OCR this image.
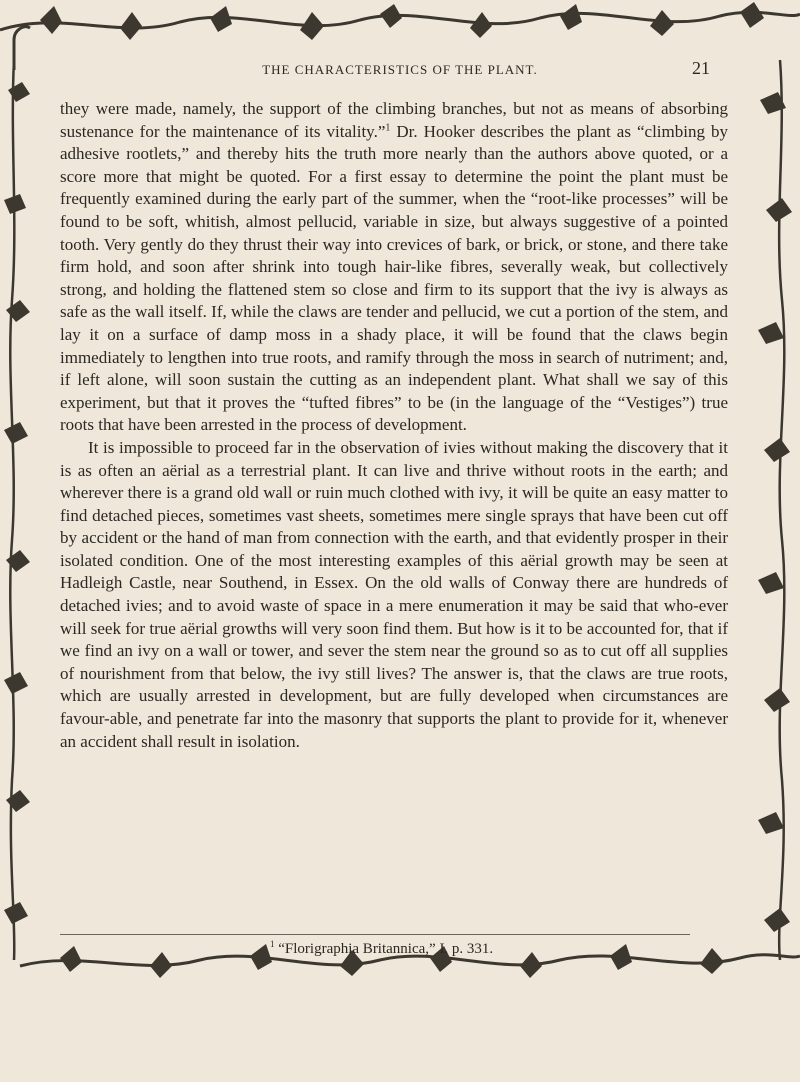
THE CHARACTERISTICS OF THE PLANT.	21

they were made, namely, the support of the climbing branches, but not as means of absorbing sustenance for the maintenance of its vitality.”$^1$ Dr. Hooker describes the plant as “climbing by adhesive rootlets,” and thereby hits the truth more nearly than the authors above quoted, or a score more that might be quoted. For a first essay to determine the point the plant must be frequently examined during the early part of the summer, when the “root-like processes” will be found to be soft, whitish, almost pellucid, variable in size, but always suggestive of a pointed tooth. Very gently do they thrust their way into crevices of bark, or brick, or stone, and there take firm hold, and soon after shrink into tough hair-like fibres, severally weak, but collectively strong, and holding the flattened stem so close and firm to its support that the ivy is always as safe as the wall itself. If, while the claws are tender and pellucid, we cut a portion of the stem, and lay it on a surface of damp moss in a shady place, it will be found that the claws begin immediately to lengthen into true roots, and ramify through the moss in search of nutriment; and, if left alone, will soon sustain the cutting as an independent plant. What shall we say of this experiment, but that it proves the “tufted fibres” to be (in the language of the “Vestiges”) true roots that have been arrested in the process of development.

It is impossible to proceed far in the observation of ivies without making the discovery that it is as often an aërial as a terrestrial plant. It can live and thrive without roots in the earth; and wherever there is a grand old wall or ruin much clothed with ivy, it will be quite an easy matter to find detached pieces, sometimes vast sheets, sometimes mere single sprays that have been cut off by accident or the hand of man from connection with the earth, and that evidently prosper in their isolated condition. One of the most interesting examples of this aërial growth may be seen at Hadleigh Castle, near Southend, in Essex. On the old walls of Conway there are hundreds of detached ivies; and to avoid waste of space in a mere enumeration it may be said that who-ever will seek for true aërial growths will very soon find them. But how is it to be accounted for, that if we find an ivy on a wall or tower, and sever the stem near the ground so as to cut off all supplies of nourishment from that below, the ivy still lives? The answer is, that the claws are true roots, which are usually arrested in development, but are fully developed when circumstances are favour-able, and penetrate far into the masonry that supports the plant to provide for it, whenever an accident shall result in isolation.

$^1$ “Florigraphia Britannica,” I. p. 331.
